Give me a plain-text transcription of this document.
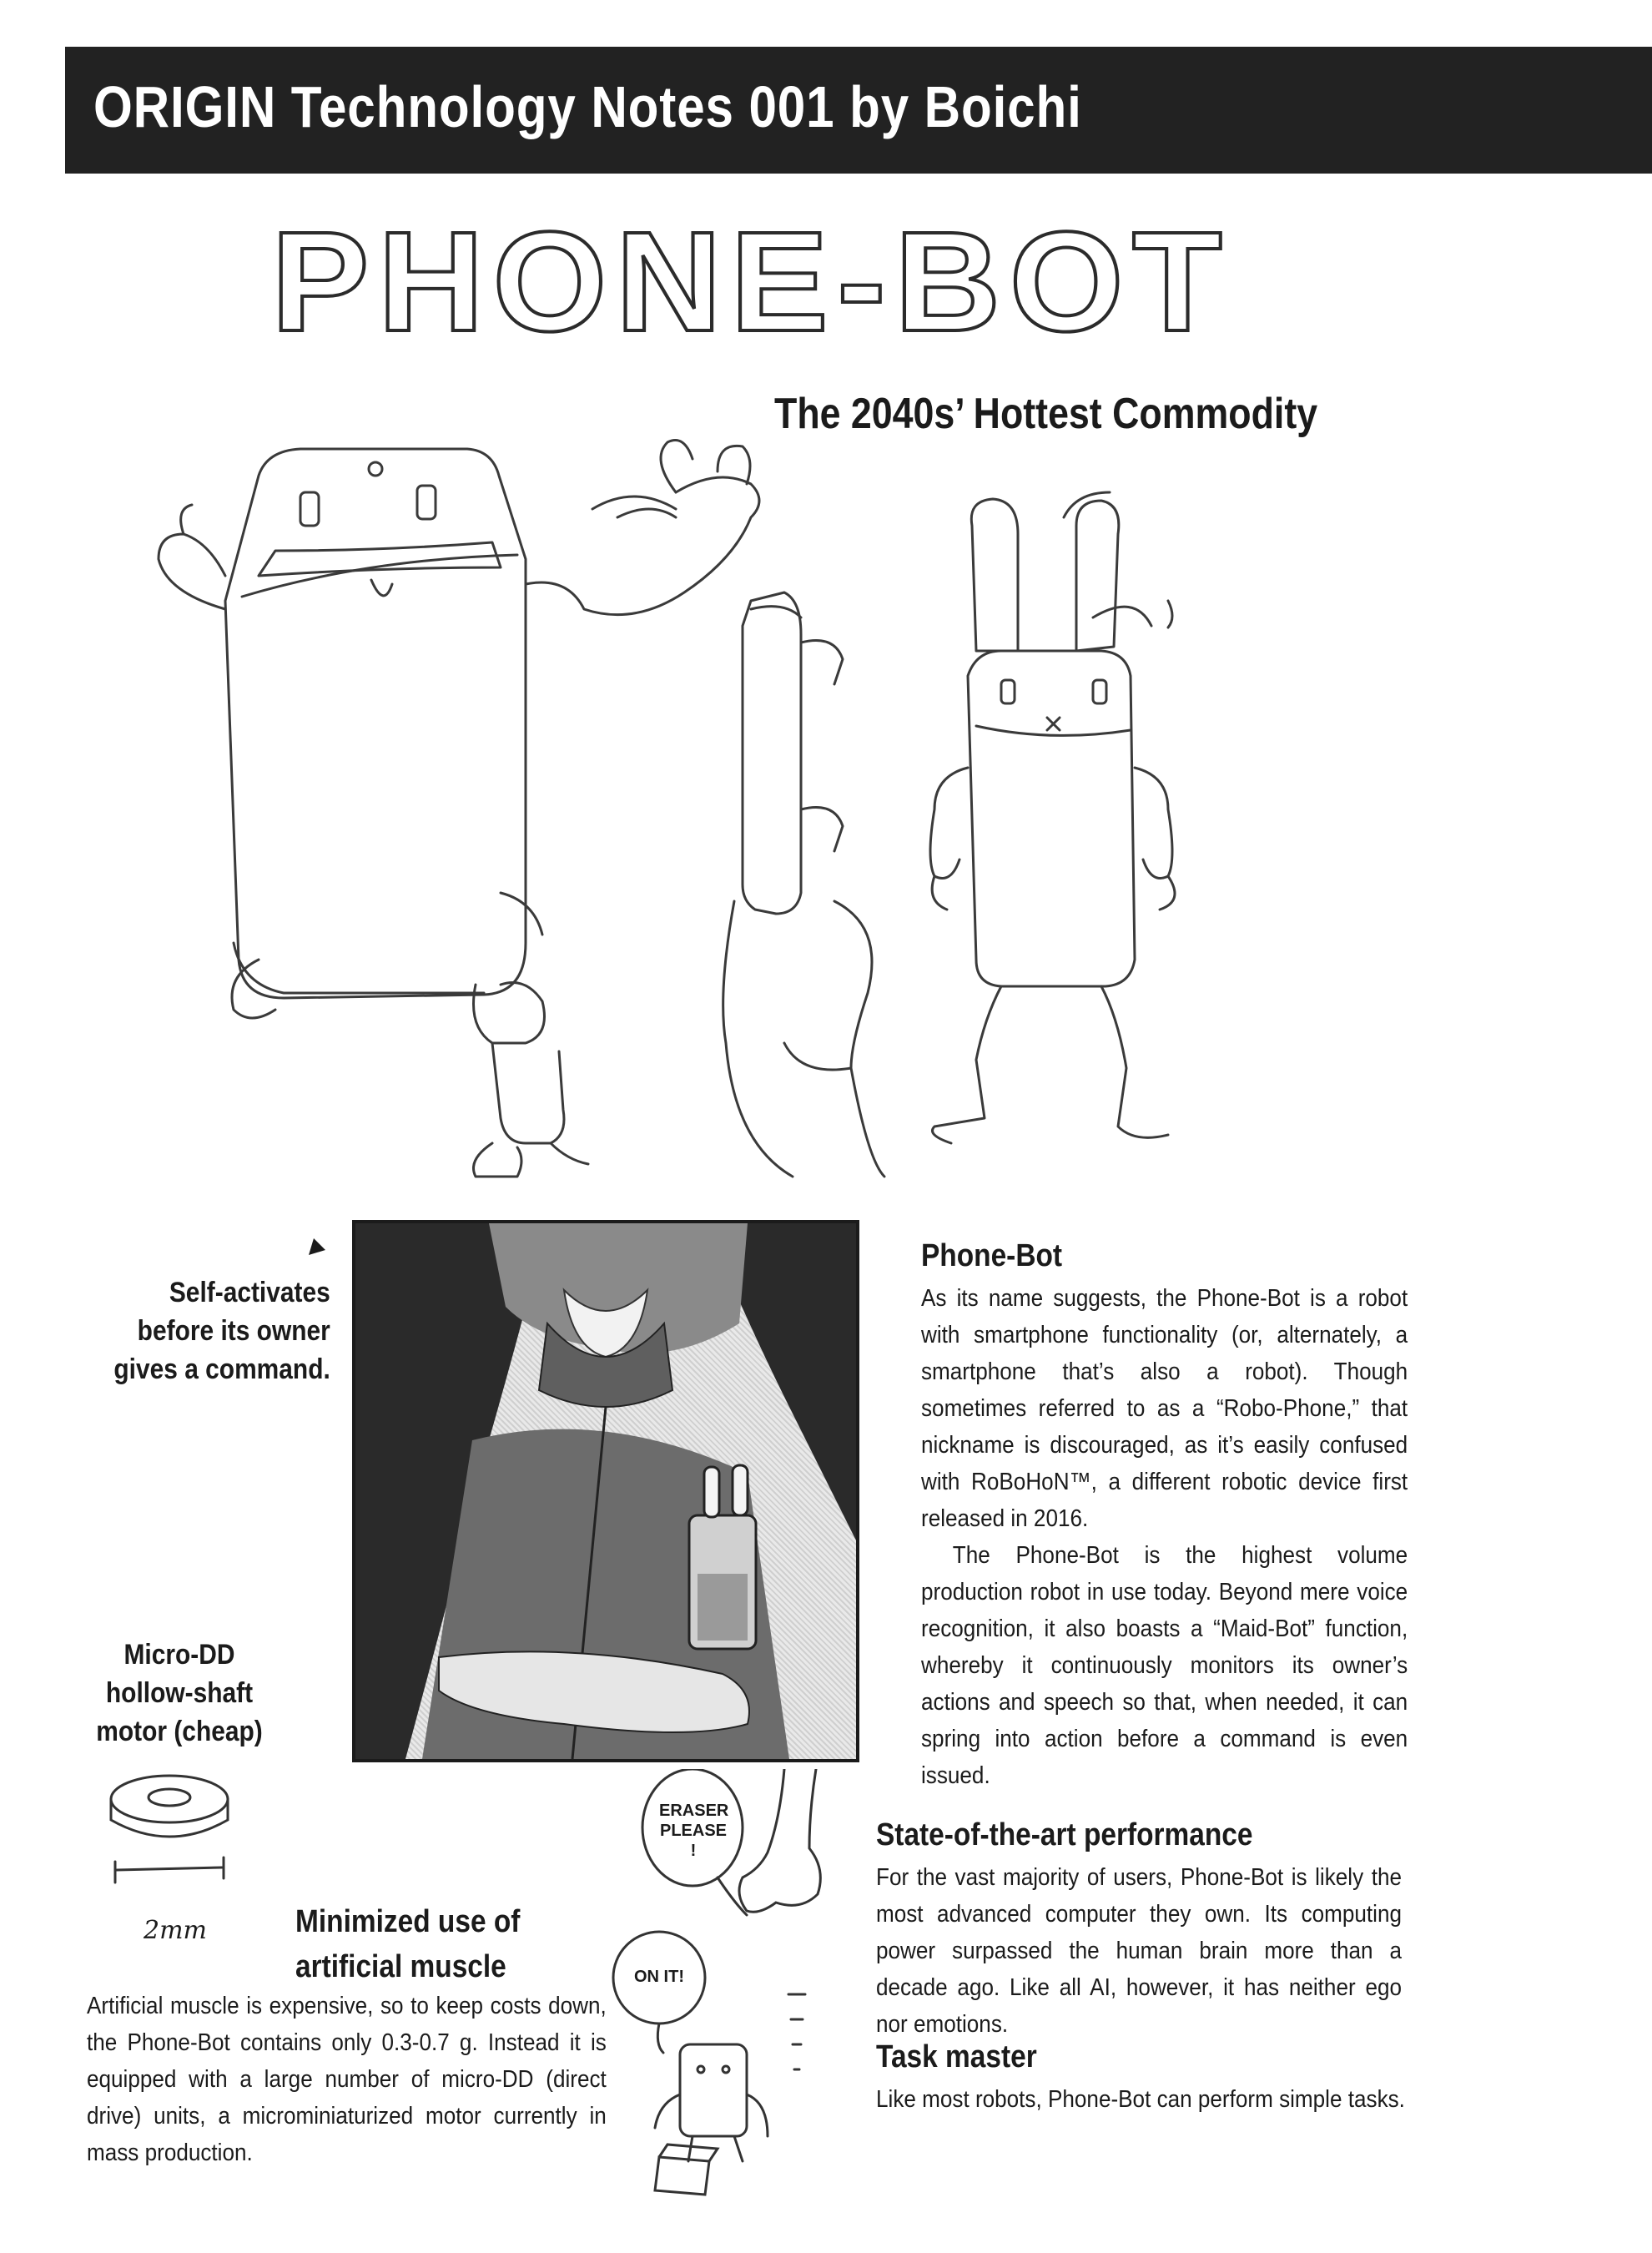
ORIGIN Technology Notes 001 by Boichi
PHONE-BOT
The 2040s’ Hottest Commodity
Self-activates
before its owner
gives a command.
Phone-Bot

As its name suggests, the Phone-Bot is a robot with smartphone functionality (or, alternately, a smartphone that’s also a robot). Though sometimes referred to as a “Robo-Phone,” that nickname is discouraged, as it’s easily confused with RoBoHoN™, a different robotic device first released in 2016.

The Phone-Bot is the highest volume production robot in use today. Beyond mere voice recognition, it also boasts a “Maid-Bot” function, whereby it continuously monitors its owner’s actions and speech so that, when needed, it can spring into action before a command is even issued.

Micro-DD
hollow-shaft
motor (cheap)
2mm	Minimized use of
artificial muscle

Artificial muscle is expensive, so to keep costs down, the Phone-Bot contains only 0.3-0.7 g. Instead it is equipped with a large number of micro-DD (direct drive) units, a microminiaturized motor currently in mass production.

ERASER
PLEASE
!
ON IT!
State-of-the-art performance

For the vast majority of users, Phone-Bot is likely the most advanced computer they own. Its computing power surpassed the human brain more than a decade ago. Like all AI, however, it has neither ego nor emotions.

Task master

Like most robots, Phone-Bot can perform simple tasks.
